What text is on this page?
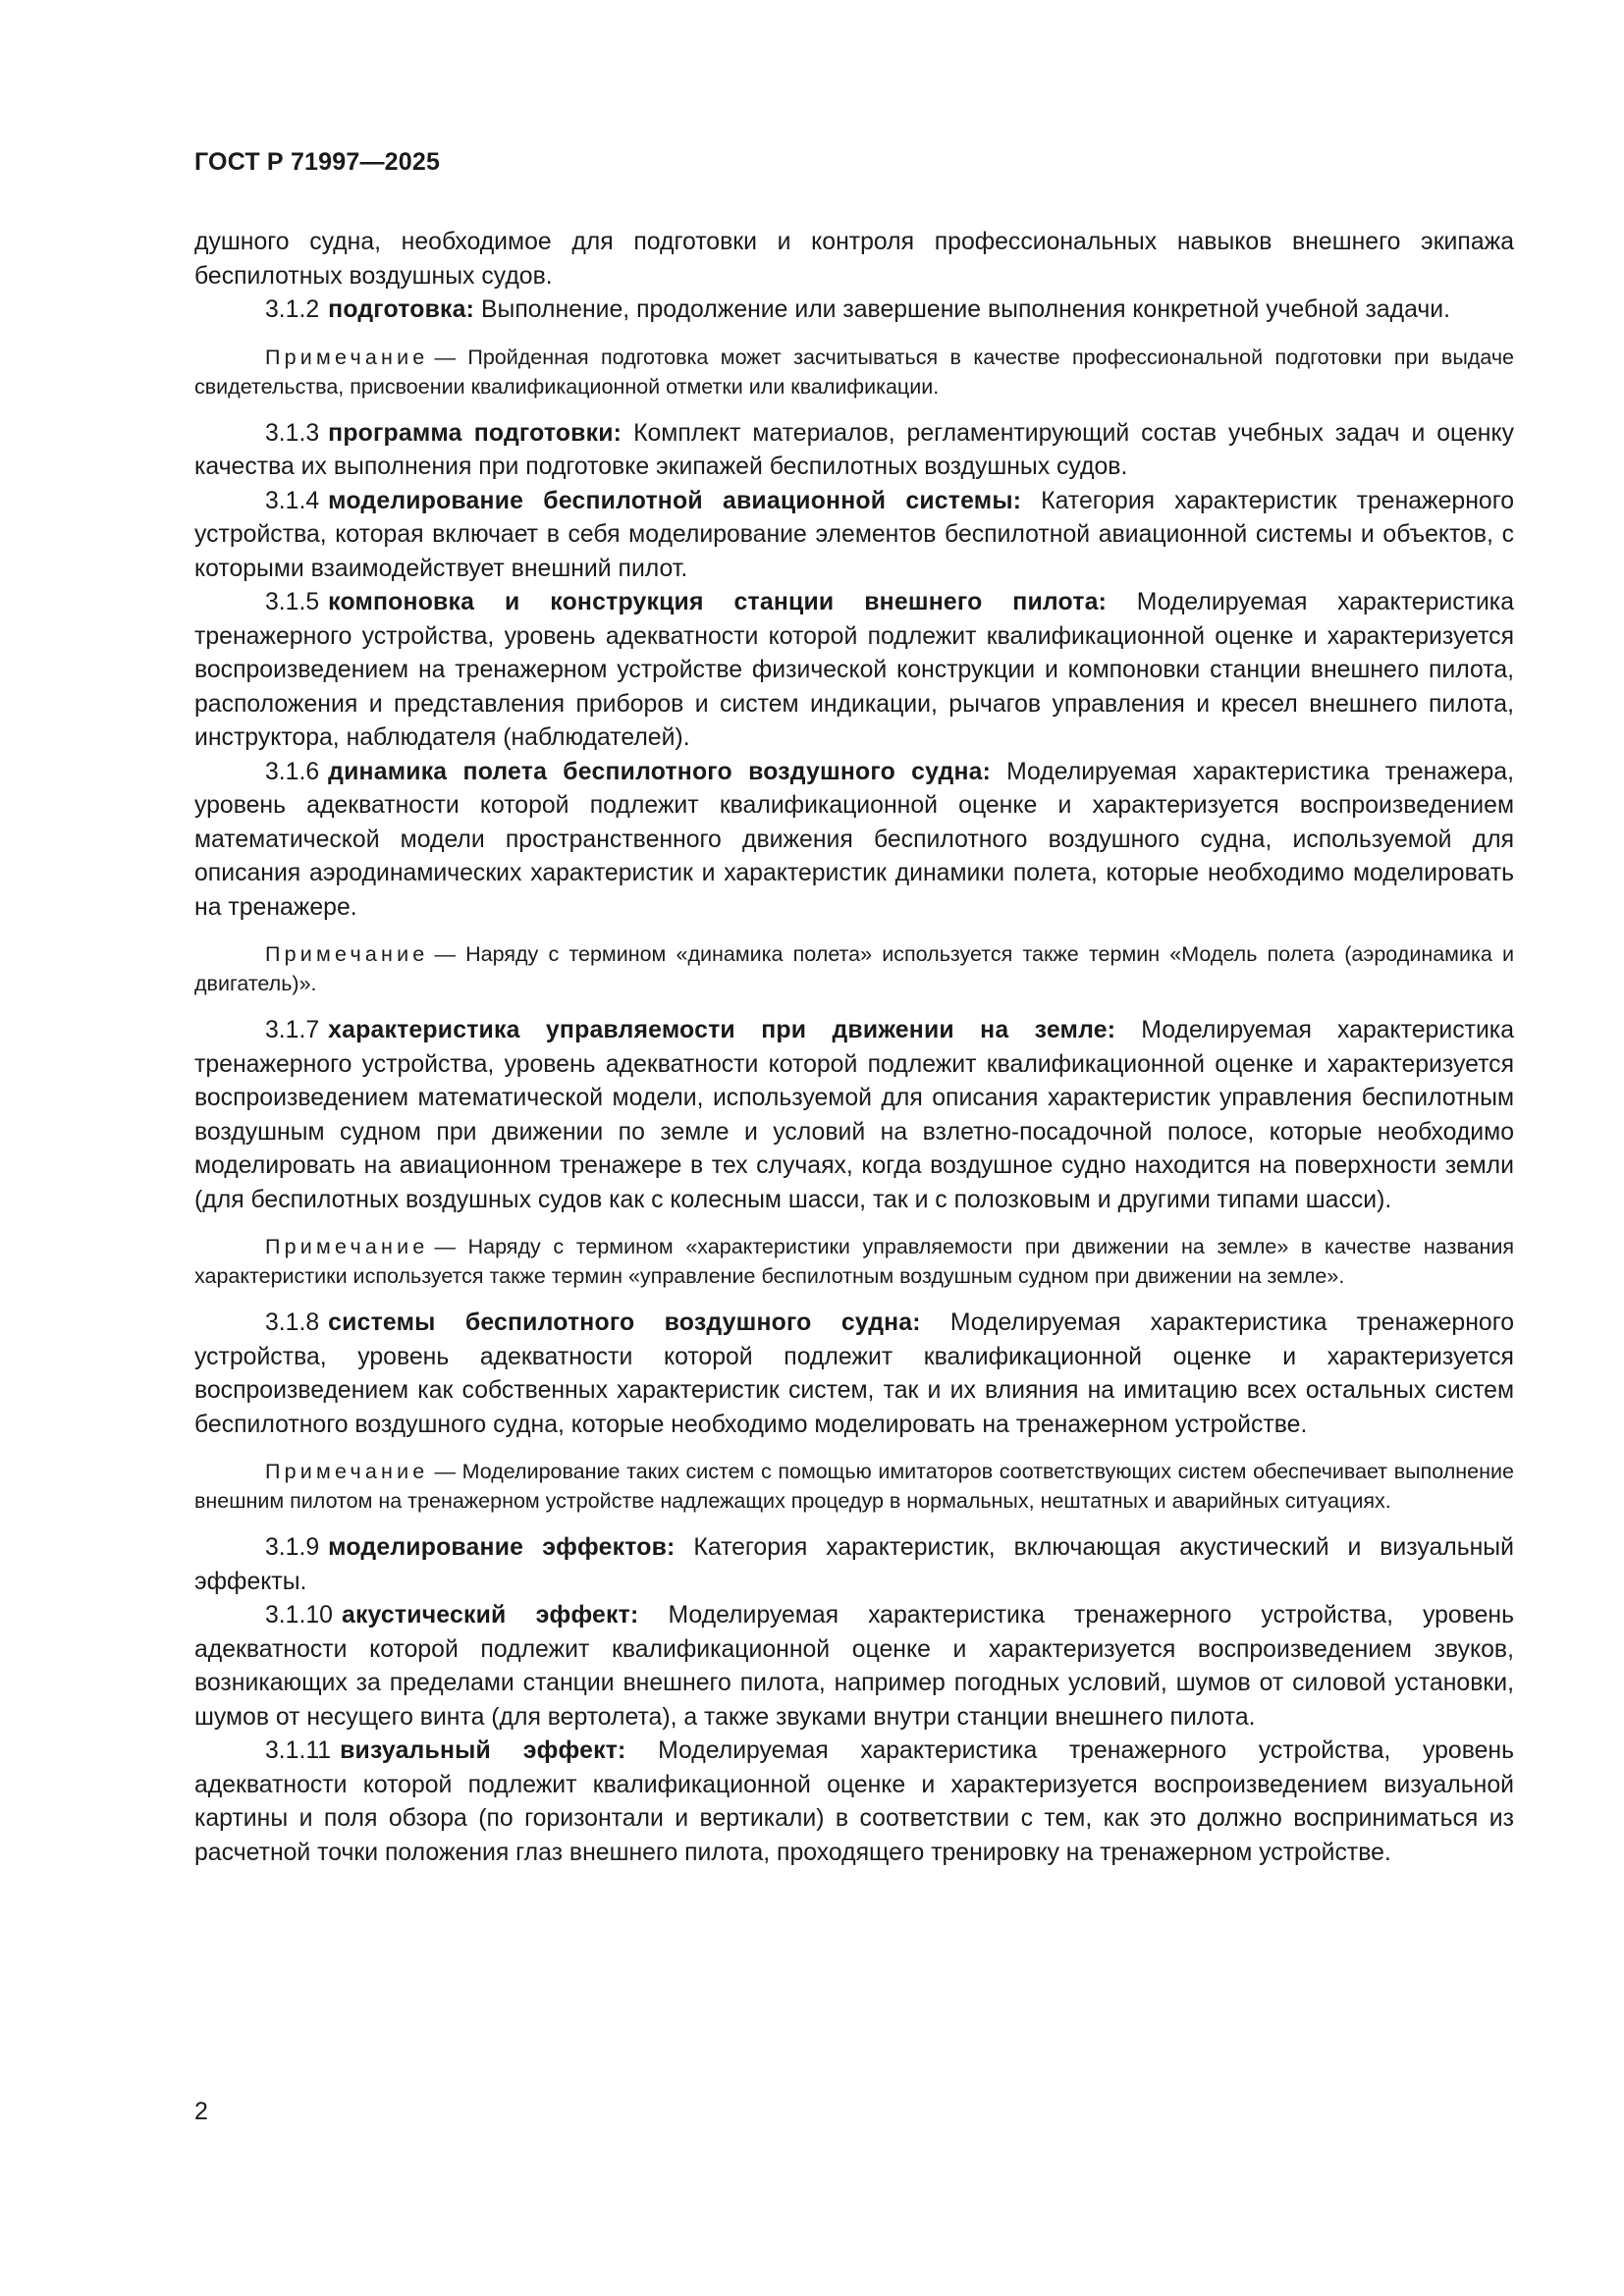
ГОСТ Р 71997—2025

душного судна, необходимое для подготовки и контроля профессиональных навыков внешнего экипажа беспилотных воздушных судов.

3.1.2 подготовка: Выполнение, продолжение или завершение выполнения конкретной учебной задачи.

Примечание — Пройденная подготовка может засчитываться в качестве профессиональной подготовки при выдаче свидетельства, присвоении квалификационной отметки или квалификации.

3.1.3 программа подготовки: Комплект материалов, регламентирующий состав учебных задач и оценку качества их выполнения при подготовке экипажей беспилотных воздушных судов.

3.1.4 моделирование беспилотной авиационной системы: Категория характеристик тренажерного устройства, которая включает в себя моделирование элементов беспилотной авиационной системы и объектов, с которыми взаимодействует внешний пилот.

3.1.5 компоновка и конструкция станции внешнего пилота: Моделируемая характеристика тренажерного устройства, уровень адекватности которой подлежит квалификационной оценке и характеризуется воспроизведением на тренажерном устройстве физической конструкции и компоновки станции внешнего пилота, расположения и представления приборов и систем индикации, рычагов управления и кресел внешнего пилота, инструктора, наблюдателя (наблюдателей).

3.1.6 динамика полета беспилотного воздушного судна: Моделируемая характеристика тренажера, уровень адекватности которой подлежит квалификационной оценке и характеризуется воспроизведением математической модели пространственного движения беспилотного воздушного судна, используемой для описания аэродинамических характеристик и характеристик динамики полета, которые необходимо моделировать на тренажере.

Примечание — Наряду с термином «динамика полета» используется также термин «Модель полета (аэродинамика и двигатель)».

3.1.7 характеристика управляемости при движении на земле: Моделируемая характеристика тренажерного устройства, уровень адекватности которой подлежит квалификационной оценке и характеризуется воспроизведением математической модели, используемой для описания характеристик управления беспилотным воздушным судном при движении по земле и условий на взлетно-посадочной полосе, которые необходимо моделировать на авиационном тренажере в тех случаях, когда воздушное судно находится на поверхности земли (для беспилотных воздушных судов как с колесным шасси, так и с полозковым и другими типами шасси).

Примечание — Наряду с термином «характеристики управляемости при движении на земле» в качестве названия характеристики используется также термин «управление беспилотным воздушным судном при движении на земле».

3.1.8 системы беспилотного воздушного судна: Моделируемая характеристика тренажерного устройства, уровень адекватности которой подлежит квалификационной оценке и характеризуется воспроизведением как собственных характеристик систем, так и их влияния на имитацию всех остальных систем беспилотного воздушного судна, которые необходимо моделировать на тренажерном устройстве.

Примечание — Моделирование таких систем с помощью имитаторов соответствующих систем обеспечивает выполнение внешним пилотом на тренажерном устройстве надлежащих процедур в нормальных, нештатных и аварийных ситуациях.

3.1.9 моделирование эффектов: Категория характеристик, включающая акустический и визуальный эффекты.

3.1.10 акустический эффект: Моделируемая характеристика тренажерного устройства, уровень адекватности которой подлежит квалификационной оценке и характеризуется воспроизведением звуков, возникающих за пределами станции внешнего пилота, например погодных условий, шумов от силовой установки, шумов от несущего винта (для вертолета), а также звуками внутри станции внешнего пилота.

3.1.11 визуальный эффект: Моделируемая характеристика тренажерного устройства, уровень адекватности которой подлежит квалификационной оценке и характеризуется воспроизведением визуальной картины и поля обзора (по горизонтали и вертикали) в соответствии с тем, как это должно восприниматься из расчетной точки положения глаз внешнего пилота, проходящего тренировку на тренажерном устройстве.

2
